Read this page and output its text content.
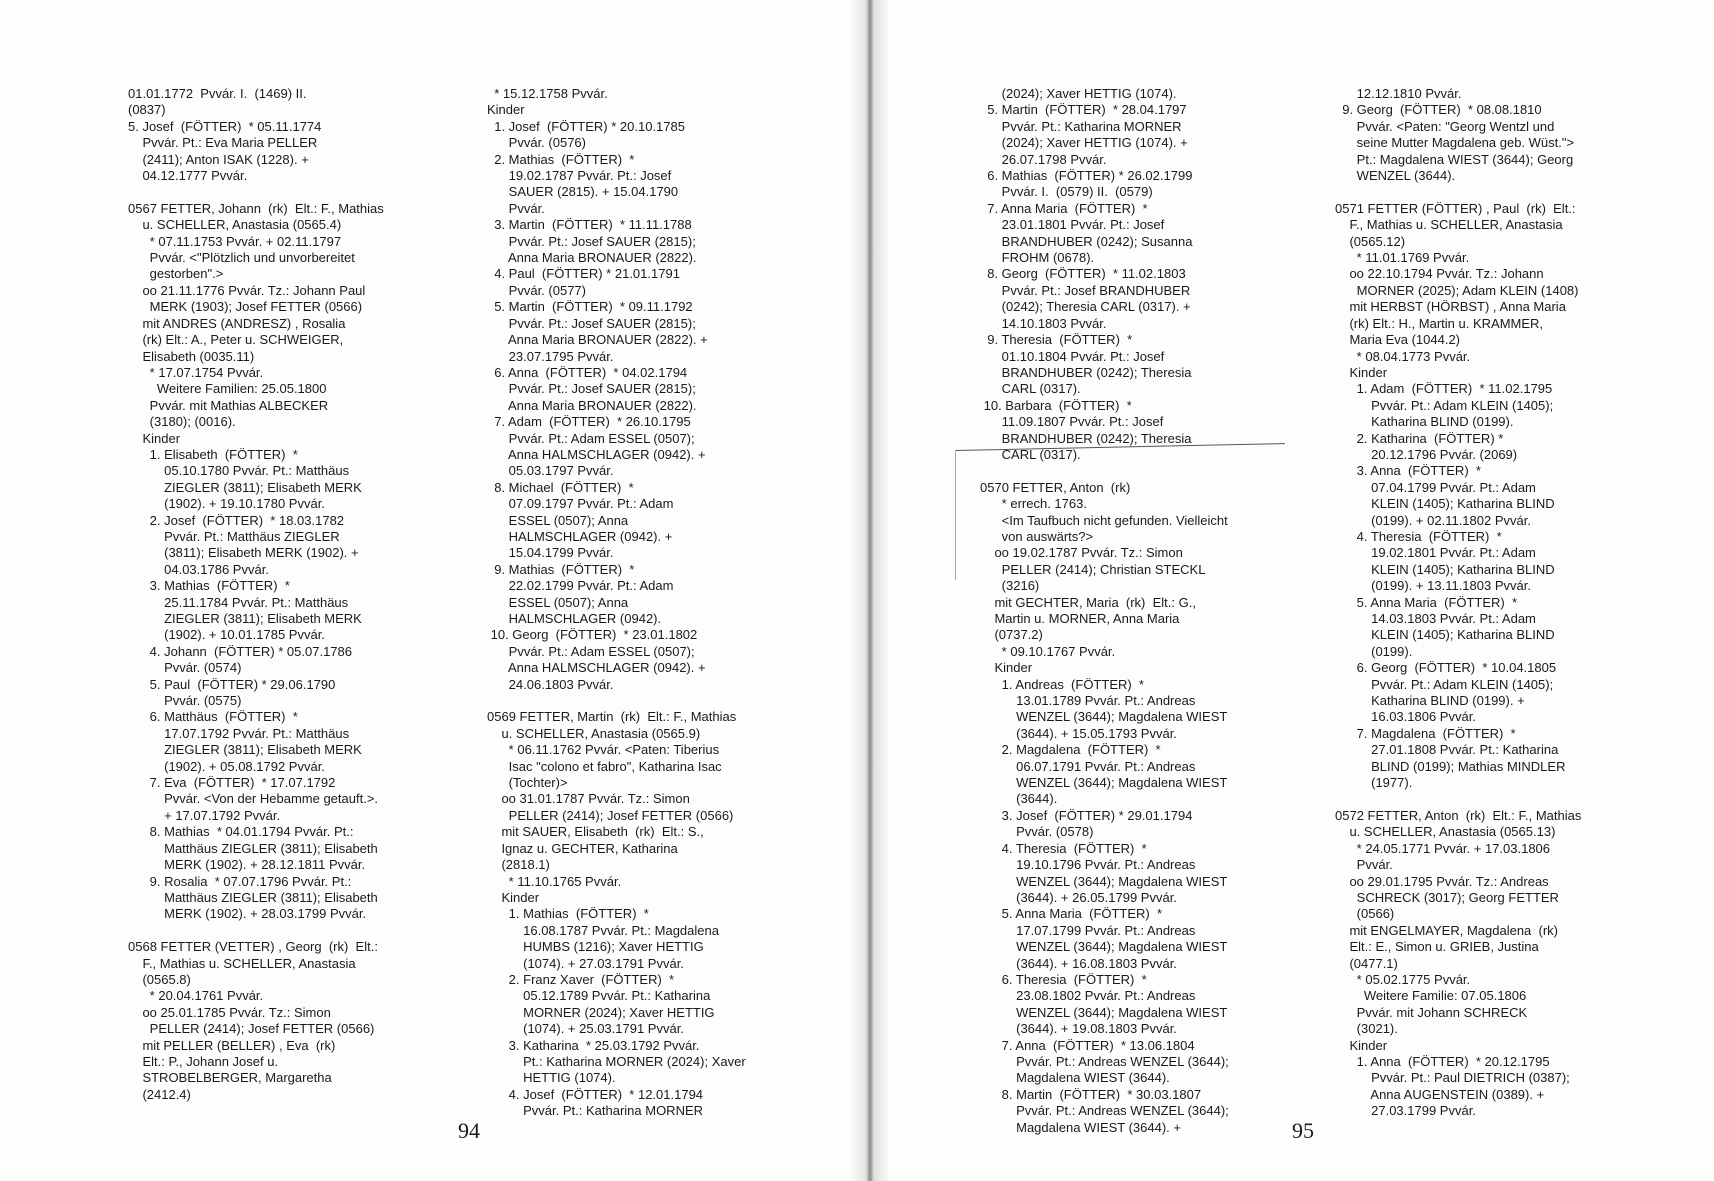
01.01.1772  Pvvár. I.  (1469) II.

(0837)

5. Josef  (FÖTTER)  * 05.11.1774

Pvvár. Pt.: Eva Maria PELLER

(2411); Anton ISAK (1228). +

04.12.1777 Pvvár.

0567 FETTER, Johann  (rk)  Elt.: F., Mathias

u. SCHELLER, Anastasia (0565.4)

* 07.11.1753 Pvvár. + 02.11.1797

Pvvár. <"Plötzlich und unvorbereitet

gestorben".>

oo 21.11.1776 Pvvár. Tz.: Johann Paul

MERK (1903); Josef FETTER (0566)

mit ANDRES (ANDRESZ) , Rosalia

(rk) Elt.: A., Peter u. SCHWEIGER,

Elisabeth (0035.11)

* 17.07.1754 Pvvár.

Weitere Familien: 25.05.1800

Pvvár. mit Mathias ALBECKER

(3180); (0016).

Kinder

1. Elisabeth  (FÖTTER)  *

05.10.1780 Pvvár. Pt.: Matthäus

ZIEGLER (3811); Elisabeth MERK

(1902). + 19.10.1780 Pvvár.

2. Josef  (FÖTTER)  * 18.03.1782

Pvvár. Pt.: Matthäus ZIEGLER

(3811); Elisabeth MERK (1902). +

04.03.1786 Pvvár.

3. Mathias  (FÖTTER)  *

25.11.1784 Pvvár. Pt.: Matthäus

ZIEGLER (3811); Elisabeth MERK

(1902). + 10.01.1785 Pvvár.

4. Johann  (FÖTTER) * 05.07.1786

Pvvár. (0574)

5. Paul  (FÖTTER) * 29.06.1790

Pvvár. (0575)

6. Matthäus  (FÖTTER)  *

17.07.1792 Pvvár. Pt.: Matthäus

ZIEGLER (3811); Elisabeth MERK

(1902). + 05.08.1792 Pvvár.

7. Eva  (FÖTTER)  * 17.07.1792

Pvvár. <Von der Hebamme getauft.>.

+ 17.07.1792 Pvvár.

8. Mathias  * 04.01.1794 Pvvár. Pt.:

Matthäus ZIEGLER (3811); Elisabeth

MERK (1902). + 28.12.1811 Pvvár.

9. Rosalia  * 07.07.1796 Pvvár. Pt.:

Matthäus ZIEGLER (3811); Elisabeth

MERK (1902). + 28.03.1799 Pvvár.

0568 FETTER (VETTER) , Georg  (rk)  Elt.:

F., Mathias u. SCHELLER, Anastasia

(0565.8)

* 20.04.1761 Pvvár.

oo 25.01.1785 Pvvár. Tz.: Simon

PELLER (2414); Josef FETTER (0566)

mit PELLER (BELLER) , Eva  (rk)

Elt.: P., Johann Josef u.

STROBELBERGER, Margaretha

(2412.4)

* 15.12.1758 Pvvár.

Kinder

1. Josef  (FÖTTER) * 20.10.1785

Pvvár. (0576)

2. Mathias  (FÖTTER)  *

19.02.1787 Pvvár. Pt.: Josef

SAUER (2815). + 15.04.1790

Pvvár.

3. Martin  (FÖTTER)  * 11.11.1788

Pvvár. Pt.: Josef SAUER (2815);

Anna Maria BRONAUER (2822).

4. Paul  (FÖTTER) * 21.01.1791

Pvvár. (0577)

5. Martin  (FÖTTER)  * 09.11.1792

Pvvár. Pt.: Josef SAUER (2815);

Anna Maria BRONAUER (2822). +

23.07.1795 Pvvár.

6. Anna  (FÖTTER)  * 04.02.1794

Pvvár. Pt.: Josef SAUER (2815);

Anna Maria BRONAUER (2822).

7. Adam  (FÖTTER)  * 26.10.1795

Pvvár. Pt.: Adam ESSEL (0507);

Anna HALMSCHLAGER (0942). +

05.03.1797 Pvvár.

8. Michael  (FÖTTER)  *

07.09.1797 Pvvár. Pt.: Adam

ESSEL (0507); Anna

HALMSCHLAGER (0942). +

15.04.1799 Pvvár.

9. Mathias  (FÖTTER)  *

22.02.1799 Pvvár. Pt.: Adam

ESSEL (0507); Anna

HALMSCHLAGER (0942).

10. Georg  (FÖTTER)  * 23.01.1802

Pvvár. Pt.: Adam ESSEL (0507);

Anna HALMSCHLAGER (0942). +

24.06.1803 Pvvár.

0569 FETTER, Martin  (rk)  Elt.: F., Mathias

u. SCHELLER, Anastasia (0565.9)

* 06.11.1762 Pvvár. <Paten: Tiberius

Isac "colono et fabro", Katharina Isac

(Tochter)>

oo 31.01.1787 Pvvár. Tz.: Simon

PELLER (2414); Josef FETTER (0566)

mit SAUER, Elisabeth  (rk)  Elt.: S.,

Ignaz u. GECHTER, Katharina

(2818.1)

* 11.10.1765 Pvvár.

Kinder

1. Mathias  (FÖTTER)  *

16.08.1787 Pvvár. Pt.: Magdalena

HUMBS (1216); Xaver HETTIG

(1074). + 27.03.1791 Pvvár.

2. Franz Xaver  (FÖTTER)  *

05.12.1789 Pvvár. Pt.: Katharina

MORNER (2024); Xaver HETTIG

(1074). + 25.03.1791 Pvvár.

3. Katharina  * 25.03.1792 Pvvár.

Pt.: Katharina MORNER (2024); Xaver

HETTIG (1074).

4. Josef  (FÖTTER)  * 12.01.1794

Pvvár. Pt.: Katharina MORNER

(2024); Xaver HETTIG (1074).

5. Martin  (FÖTTER)  * 28.04.1797

Pvvár. Pt.: Katharina MORNER

(2024); Xaver HETTIG (1074). +

26.07.1798 Pvvár.

6. Mathias  (FÖTTER) * 26.02.1799

Pvvár. I.  (0579) II.  (0579)

7. Anna Maria  (FÖTTER)  *

23.01.1801 Pvvár. Pt.: Josef

BRANDHUBER (0242); Susanna

FROHM (0678).

8. Georg  (FÖTTER)  * 11.02.1803

Pvvár. Pt.: Josef BRANDHUBER

(0242); Theresia CARL (0317). +

14.10.1803 Pvvár.

9. Theresia  (FÖTTER)  *

01.10.1804 Pvvár. Pt.: Josef

BRANDHUBER (0242); Theresia

CARL (0317).

10. Barbara  (FÖTTER)  *

11.09.1807 Pvvár. Pt.: Josef

BRANDHUBER (0242); Theresia

CARL (0317).

0570 FETTER, Anton  (rk)

* errech. 1763.

<Im Taufbuch nicht gefunden. Vielleicht

von auswärts?>

oo 19.02.1787 Pvvár. Tz.: Simon

PELLER (2414); Christian STECKL

(3216)

mit GECHTER, Maria  (rk)  Elt.: G.,

Martin u. MORNER, Anna Maria

(0737.2)

* 09.10.1767 Pvvár.

Kinder

1. Andreas  (FÖTTER)  *

13.01.1789 Pvvár. Pt.: Andreas

WENZEL (3644); Magdalena WIEST

(3644). + 15.05.1793 Pvvár.

2. Magdalena  (FÖTTER)  *

06.07.1791 Pvvár. Pt.: Andreas

WENZEL (3644); Magdalena WIEST

(3644).

3. Josef  (FÖTTER) * 29.01.1794

Pvvár. (0578)

4. Theresia  (FÖTTER)  *

19.10.1796 Pvvár. Pt.: Andreas

WENZEL (3644); Magdalena WIEST

(3644). + 26.05.1799 Pvvár.

5. Anna Maria  (FÖTTER)  *

17.07.1799 Pvvár. Pt.: Andreas

WENZEL (3644); Magdalena WIEST

(3644). + 16.08.1803 Pvvár.

6. Theresia  (FÖTTER)  *

23.08.1802 Pvvár. Pt.: Andreas

WENZEL (3644); Magdalena WIEST

(3644). + 19.08.1803 Pvvár.

7. Anna  (FÖTTER)  * 13.06.1804

Pvvár. Pt.: Andreas WENZEL (3644);

Magdalena WIEST (3644).

8. Martin  (FÖTTER)  * 30.03.1807

Pvvár. Pt.: Andreas WENZEL (3644);

Magdalena WIEST (3644). +

12.12.1810 Pvvár.

9. Georg  (FÖTTER)  * 08.08.1810

Pvvár. <Paten: "Georg Wentzl und

seine Mutter Magdalena geb. Wüst.">

Pt.: Magdalena WIEST (3644); Georg

WENZEL (3644).

0571 FETTER (FÖTTER) , Paul  (rk)  Elt.:

F., Mathias u. SCHELLER, Anastasia

(0565.12)

* 11.01.1769 Pvvár.

oo 22.10.1794 Pvvár. Tz.: Johann

MORNER (2025); Adam KLEIN (1408)

mit HERBST (HÖRBST) , Anna Maria

(rk) Elt.: H., Martin u. KRAMMER,

Maria Eva (1044.2)

* 08.04.1773 Pvvár.

Kinder

1. Adam  (FÖTTER)  * 11.02.1795

Pvvár. Pt.: Adam KLEIN (1405);

Katharina BLIND (0199).

2. Katharina  (FÖTTER) *

20.12.1796 Pvvár. (2069)

3. Anna  (FÖTTER)  *

07.04.1799 Pvvár. Pt.: Adam

KLEIN (1405); Katharina BLIND

(0199). + 02.11.1802 Pvvár.

4. Theresia  (FÖTTER)  *

19.02.1801 Pvvár. Pt.: Adam

KLEIN (1405); Katharina BLIND

(0199). + 13.11.1803 Pvvár.

5. Anna Maria  (FÖTTER)  *

14.03.1803 Pvvár. Pt.: Adam

KLEIN (1405); Katharina BLIND

(0199).

6. Georg  (FÖTTER)  * 10.04.1805

Pvvár. Pt.: Adam KLEIN (1405);

Katharina BLIND (0199). +

16.03.1806 Pvvár.

7. Magdalena  (FÖTTER)  *

27.01.1808 Pvvár. Pt.: Katharina

BLIND (0199); Mathias MINDLER

(1977).

0572 FETTER, Anton  (rk)  Elt.: F., Mathias

u. SCHELLER, Anastasia (0565.13)

* 24.05.1771 Pvvár. + 17.03.1806

Pvvár.

oo 29.01.1795 Pvvár. Tz.: Andreas

SCHRECK (3017); Georg FETTER

(0566)

mit ENGELMAYER, Magdalena  (rk)

Elt.: E., Simon u. GRIEB, Justina

(0477.1)

* 05.02.1775 Pvvár.

Weitere Familie: 07.05.1806

Pvvár. mit Johann SCHRECK

(3021).

Kinder

1. Anna  (FÖTTER)  * 20.12.1795

Pvvár. Pt.: Paul DIETRICH (0387);

Anna AUGENSTEIN (0389). +

27.03.1799 Pvvár.

94	95
